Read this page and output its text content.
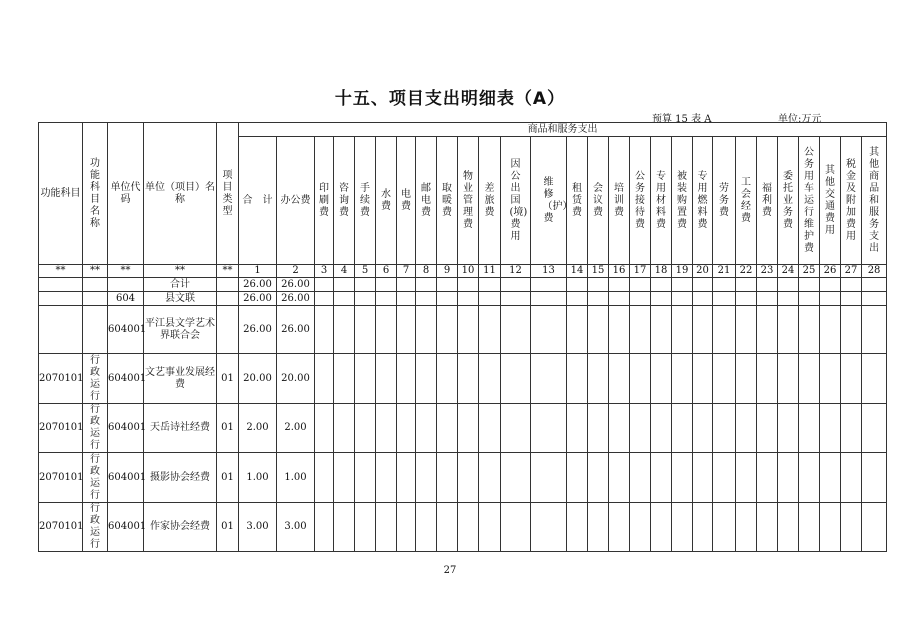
十五、项目支出明细表（A）
预算 15 表 A	单位:万元
功能科目	功能科目名称	单位代码	单位（项目）名称	项目类型	商品和服务支出																											
					合　计	办公费	印刷费	咨询费	手续费	水费	电费	邮电费	取暖费	物业管理费	差旅费	因公出国(境)费用	维修（护）费	租赁费	会议费	培训费	公务接待费	专用材料费	被装购置费	专用燃料费	劳务费	工会经费	福利费	委托业务费	公务用车运行维护费	其他交通费用	税金及附加费用	其他商品和服务支出
**	**	**	**	**	1	2	3	4	5	6	7	8	9	10	11	12	13	14	15	16	17	18	19	20	21	22	23	24	25	26	27	28
			合计		26.00	26.00																										
		604	县文联		26.00	26.00																										
		604001	平江县文学艺术界联合会		26.00	26.00																										
2070101	行政运行	604001	文艺事业发展经费	01	20.00	20.00																										
2070101	行政运行	604001	天岳诗社经费	01	2.00	2.00																										
2070101	行政运行	604001	摄影协会经费	01	1.00	1.00																										
2070101	行政运行	604001	作家协会经费	01	3.00	3.00																										
27
